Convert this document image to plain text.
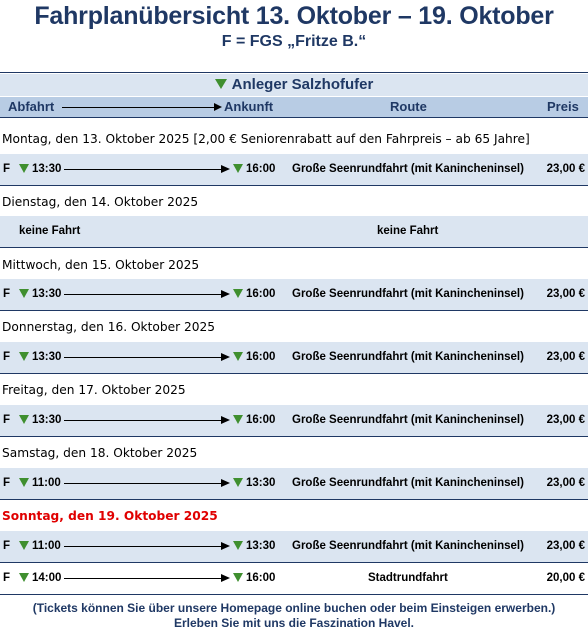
Fahrplanübersicht 13. Oktober – 19. Oktober
F = FGS „Fritze B.“
Anleger Salzhofufer
Abfahrt	Ankunft	Route	Preis
Montag, den 13. Oktober 2025 [2,00 € Seniorenrabatt auf den Fahrpreis – ab 65 Jahre]
F	13:30	16:00 Große Seenrundfahrt (mit Kanincheninsel) 23,00 €
Dienstag, den 14. Oktober 2025
keine Fahrt	keine Fahrt
Mittwoch, den 15. Oktober 2025
F	13:30	16:00 Große Seenrundfahrt (mit Kanincheninsel) 23,00 €
Donnerstag, den 16. Oktober 2025
F	13:30	16:00 Große Seenrundfahrt (mit Kanincheninsel) 23,00 €
Freitag, den 17. Oktober 2025
F	13:30	16:00 Große Seenrundfahrt (mit Kanincheninsel) 23,00 €
Samstag, den 18. Oktober 2025
F	11:00	13:30 Große Seenrundfahrt (mit Kanincheninsel) 23,00 €
Sonntag, den 19. Oktober 2025
F	11:00	13:30 Große Seenrundfahrt (mit Kanincheninsel) 23,00 €
F	14:00	16:00	Stadtrundfahrt	20,00 €
(Tickets können Sie über unsere Homepage online buchen oder beim Einsteigen erwerben.)
Erleben Sie mit uns die Faszination Havel.
